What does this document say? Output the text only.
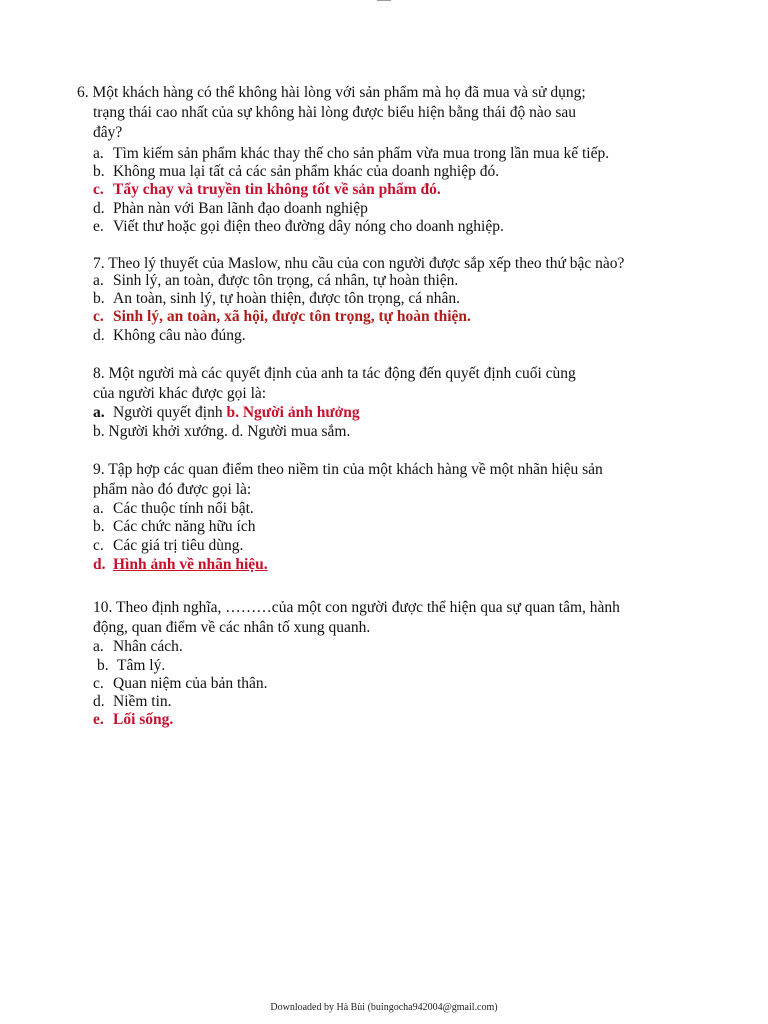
6. Một khách hàng có thể không hài lòng với sản phẩm mà họ đã mua và sử dụng;
trạng thái cao nhất của sự không hài lòng được biểu hiện bằng thái độ nào sau
đây?
a. Tìm kiếm sản phẩm khác thay thế cho sản phẩm vừa mua trong lần mua kế tiếp.
b. Không mua lại tất cả các sản phẩm khác của doanh nghiệp đó.
c. Tẩy chay và truyền tin không tốt về sản phẩm đó.
d. Phàn nàn với Ban lãnh đạo doanh nghiệp
e. Viết thư hoặc gọi điện theo đường dây nóng cho doanh nghiệp.
7. Theo lý thuyết của Maslow, nhu cầu của con người được sắp xếp theo thứ bậc nào?
a. Sinh lý, an toàn, được tôn trọng, cá nhân, tự hoàn thiện.
b. An toàn, sinh lý, tự hoàn thiện, được tôn trọng, cá nhân.
c. Sinh lý, an toàn, xã hội, được tôn trọng, tự hoàn thiện.
d. Không câu nào đúng.
8. Một người mà các quyết định của anh ta tác động đến quyết định cuối cùng
của người khác được gọi là:
a. Người quyết định b. Người ảnh hưởng
b. Người khởi xướng. d. Người mua sắm.
9. Tập hợp các quan điểm theo niềm tin của một khách hàng về một nhãn hiệu sản
phẩm nào đó được gọi là:
a. Các thuộc tính nổi bật.
b. Các chức năng hữu ích
c. Các giá trị tiêu dùng.
d. Hình ảnh về nhãn hiệu.
10. Theo định nghĩa, ………của một con người được thể hiện qua sự quan tâm, hành
động, quan điểm về các nhân tố xung quanh.
a. Nhân cách.
b. Tâm lý.
c. Quan niệm của bản thân.
d. Niềm tin.
e. Lối sống.
Downloaded by Hà Bùi (buingocha942004@gmail.com)
